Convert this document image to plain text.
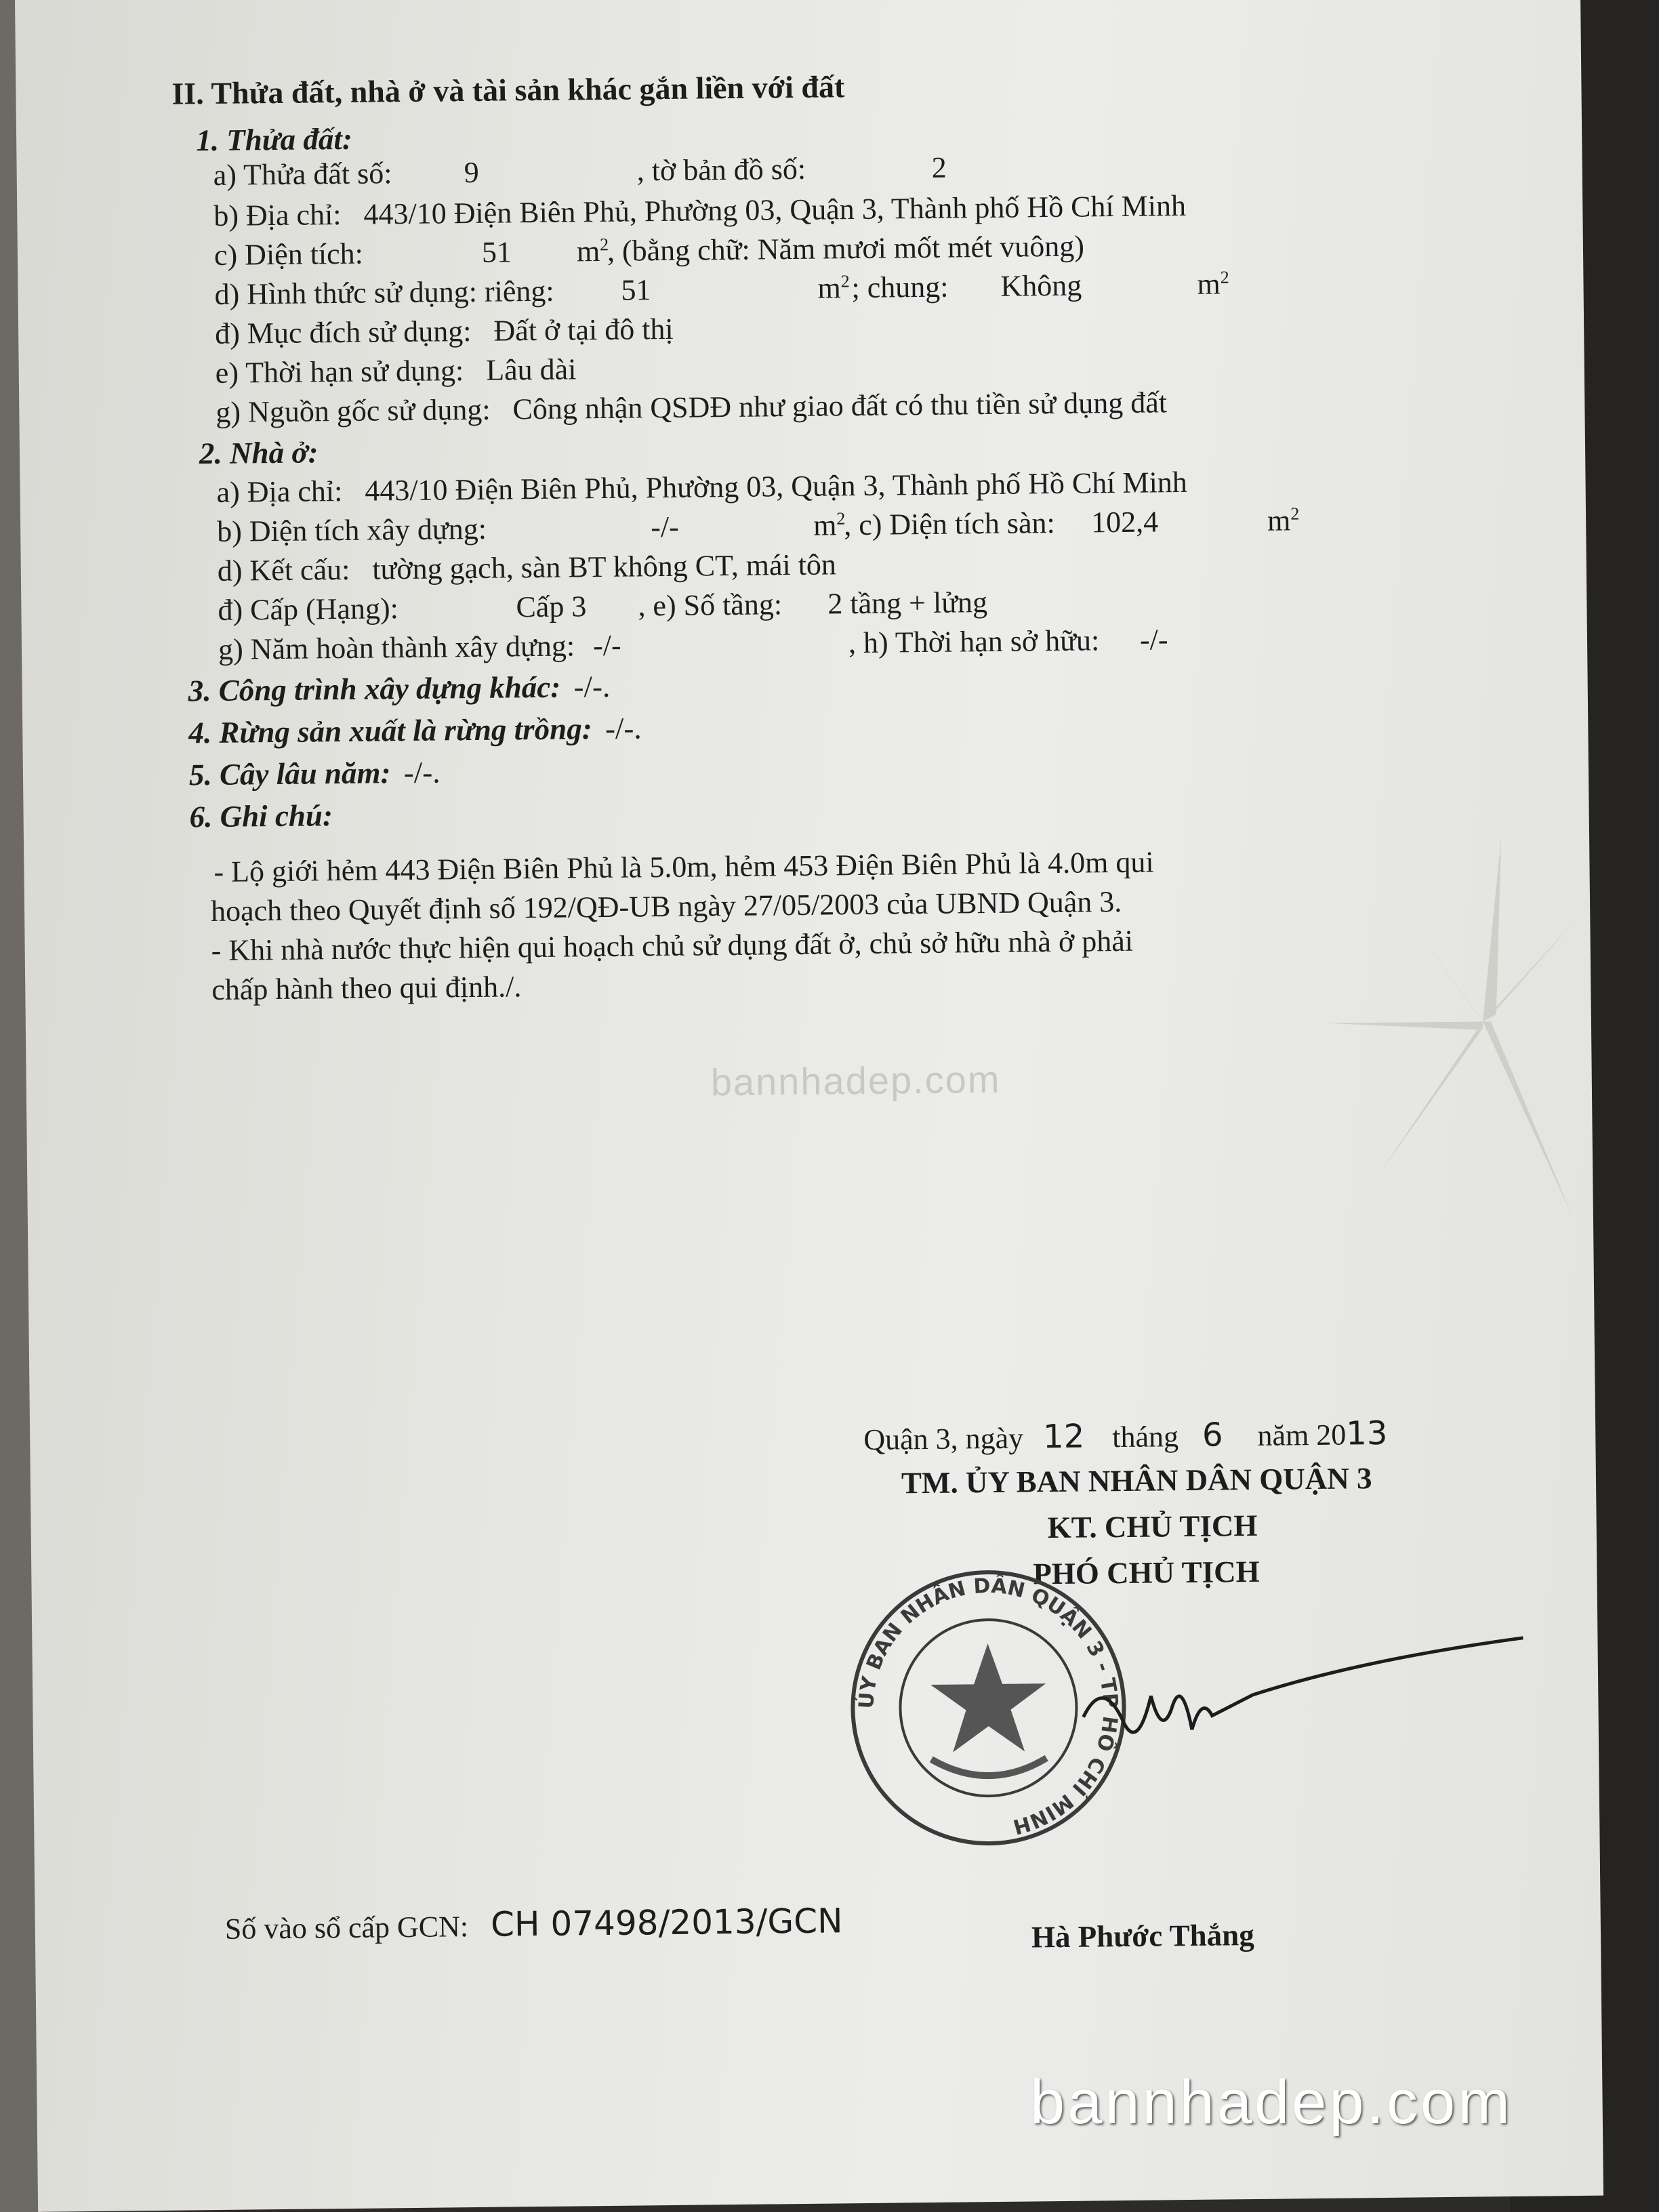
II. Thửa đất, nhà ở và tài sản khác gắn liền với đất
1. Thửa đất:
a) Thửa đất số: 9	, tờ bản đồ số:	2
b) Địa chỉ: 443/10 Điện Biên Phủ, Phường 03, Quận 3, Thành phố Hồ Chí Minh
c) Diện tích:	51 $m^2$
, (bằng chữ: Năm mươi mốt mét vuông)
d) Hình thức sử dụng: riêng: 51	$m^2$ ; chung: Không	$m^2$
đ) Mục đích sử dụng: Đất ở tại đô thị
e) Thời hạn sử dụng: Lâu dài
g) Nguồn gốc sử dụng: Công nhận QSDĐ như giao đất có thu tiền sử dụng đất
2. Nhà ở:
a) Địa chỉ: 443/10 Điện Biên Phủ, Phường 03, Quận 3, Thành phố Hồ Chí Minh
b) Diện tích xây dựng:	-/-	$m^2$
, c) Diện tích sàn: 102,4	$m^2$
d) Kết cấu: tường gạch, sàn BT không CT, mái tôn
đ) Cấp (Hạng):	Cấp 3 , e) Số tầng: 2 tầng + lửng
g) Năm hoàn thành xây dựng: -/-	, h) Thời hạn sở hữu: -/-
3. Công trình xây dựng khác: -/-.
4. Rừng sản xuất là rừng trồng: -/-.
5. Cây lâu năm: -/-.
6. Ghi chú:
- Lộ giới hẻm 443 Điện Biên Phủ là 5.0m, hẻm 453 Điện Biên Phủ là 4.0m qui
hoạch theo Quyết định số 192/QĐ-UB ngày 27/05/2003 của UBND Quận 3.
- Khi nhà nước thực hiện qui hoạch chủ sử dụng đất ở, chủ sở hữu nhà ở phải
chấp hành theo qui định./.
bannhadep.com
Quận 3, ngày 12 tháng 6 năm 2013
TM. ỦY BAN NHÂN DÂN QUẬN 3
KT. CHỦ TỊCH
PHÓ CHỦ TỊCH
ỦY BAN NHÂN DÂN QUẬN 3 - TP HỒ CHÍ MINH
Hà Phước Thắng
Số vào sổ cấp GCN: CH 07498/2013/GCN
bannhadep.com
